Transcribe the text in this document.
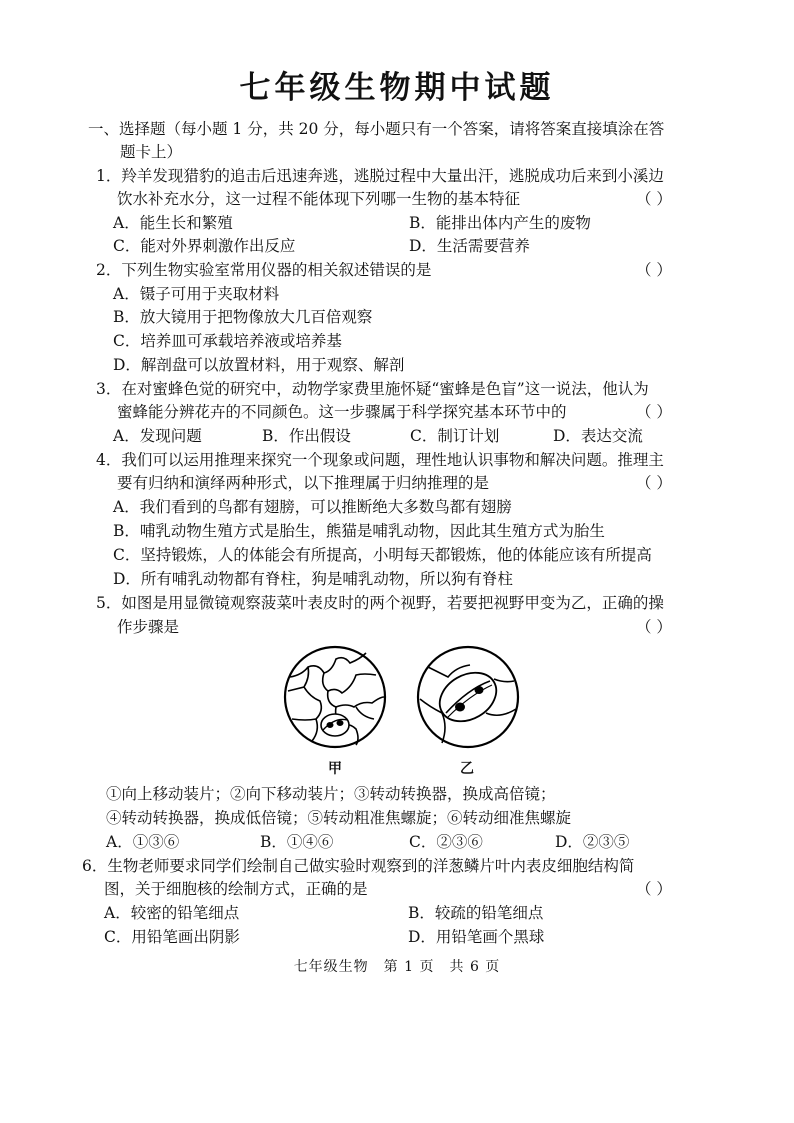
七年级生物期中试题
一、选择题（每小题 1 分，共 20 分，每小题只有一个答案，请将答案直接填涂在答
题卡上）
1．羚羊发现猎豹的追击后迅速奔逃，逃脱过程中大量出汗，逃脱成功后来到小溪边
饮水补充水分，这一过程不能体现下列哪一生物的基本特征	（ ）
A．能生长和繁殖	B．能排出体内产生的废物
C．能对外界刺激作出反应	D．生活需要营养
2．下列生物实验室常用仪器的相关叙述错误的是	（ ）
A．镊子可用于夹取材料
B．放大镜用于把物像放大几百倍观察
C．培养皿可承载培养液或培养基
D．解剖盘可以放置材料，用于观察、解剖
3．在对蜜蜂色觉的研究中，动物学家费里施怀疑“蜜蜂是色盲”这一说法，他认为
蜜蜂能分辨花卉的不同颜色。这一步骤属于科学探究基本环节中的	（ ）
A．发现问题	B．作出假设	C．制订计划	D．表达交流
4．我们可以运用推理来探究一个现象或问题，理性地认识事物和解决问题。推理主
要有归纳和演绎两种形式，以下推理属于归纳推理的是	（ ）
A．我们看到的鸟都有翅膀，可以推断绝大多数鸟都有翅膀
B．哺乳动物生殖方式是胎生，熊猫是哺乳动物，因此其生殖方式为胎生
C．坚持锻炼，人的体能会有所提高，小明每天都锻炼，他的体能应该有所提高
D．所有哺乳动物都有脊柱，狗是哺乳动物，所以狗有脊柱
5．如图是用显微镜观察菠菜叶表皮时的两个视野，若要把视野甲变为乙，正确的操
作步骤是	（ ）
甲	乙
①向上移动装片；②向下移动装片；③转动转换器，换成高倍镜；
④转动转换器，换成低倍镜；⑤转动粗准焦螺旋；⑥转动细准焦螺旋
A．①③⑥	B．①④⑥	C．②③⑥	D．②③⑤
6．生物老师要求同学们绘制自己做实验时观察到的洋葱鳞片叶内表皮细胞结构简
图，关于细胞核的绘制方式，正确的是	（ ）
A．较密的铅笔细点	B．较疏的铅笔细点
C．用铅笔画出阴影	D．用铅笔画个黑球
七年级生物　第 1 页　共 6 页
